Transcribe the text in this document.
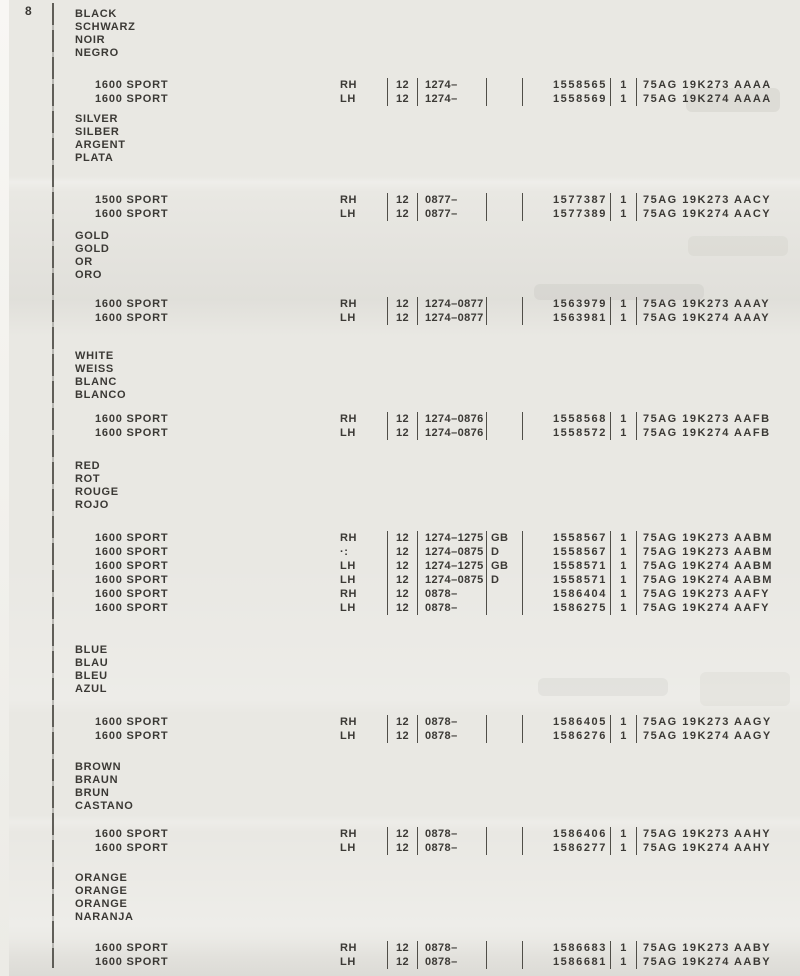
8	BLACK
SCHWARZ
NOIR
NEGRO
1600 SPORT	RH	12	1274–	1558565	1	75AG 19K273 AAAA
1600 SPORT	LH	12	1274–	1558569	1	75AG 19K274 AAAA
SILVER
SILBER
ARGENT
PLATA
1500 SPORT	RH	12	0877–	1577387	1	75AG 19K273 AACY
1600 SPORT	LH	12	0877–	1577389	1	75AG 19K274 AACY
GOLD
GOLD
OR
ORO
1600 SPORT	RH	12	1274–0877	1563979	1	75AG 19K273 AAAY
1600 SPORT	LH	12	1274–0877	1563981	1	75AG 19K274 AAAY
WHITE
WEISS
BLANC
BLANCO
1600 SPORT	RH	12	1274–0876	1558568	1	75AG 19K273 AAFB
1600 SPORT	LH	12	1274–0876	1558572	1	75AG 19K274 AAFB
RED
ROT
ROUGE
ROJO
1600 SPORT	RH	12	1274–1275 GB	1558567	1	75AG 19K273 AABM
1600 SPORT	·:	12	1274–0875 D	1558567	1	75AG 19K273 AABM
1600 SPORT	LH	12	1274–1275 GB	1558571	1	75AG 19K274 AABM
1600 SPORT	LH	12	1274–0875 D	1558571	1	75AG 19K274 AABM
1600 SPORT	RH	12	0878–	1586404	1	75AG 19K273 AAFY
1600 SPORT	LH	12	0878–	1586275	1	75AG 19K274 AAFY
BLUE
BLAU
BLEU
AZUL
1600 SPORT	RH	12	0878–	1586405	1	75AG 19K273 AAGY
1600 SPORT	LH	12	0878–	1586276	1	75AG 19K274 AAGY
BROWN
BRAUN
BRUN
CASTANO
1600 SPORT	RH	12	0878–	1586406	1	75AG 19K273 AAHY
1600 SPORT	LH	12	0878–	1586277	1	75AG 19K274 AAHY
ORANGE
ORANGE
ORANGE
NARANJA
1600 SPORT	RH	12	0878–	1586683	1	75AG 19K273 AABY
1600 SPORT	LH	12	0878–	1586681	1	75AG 19K274 AABY
